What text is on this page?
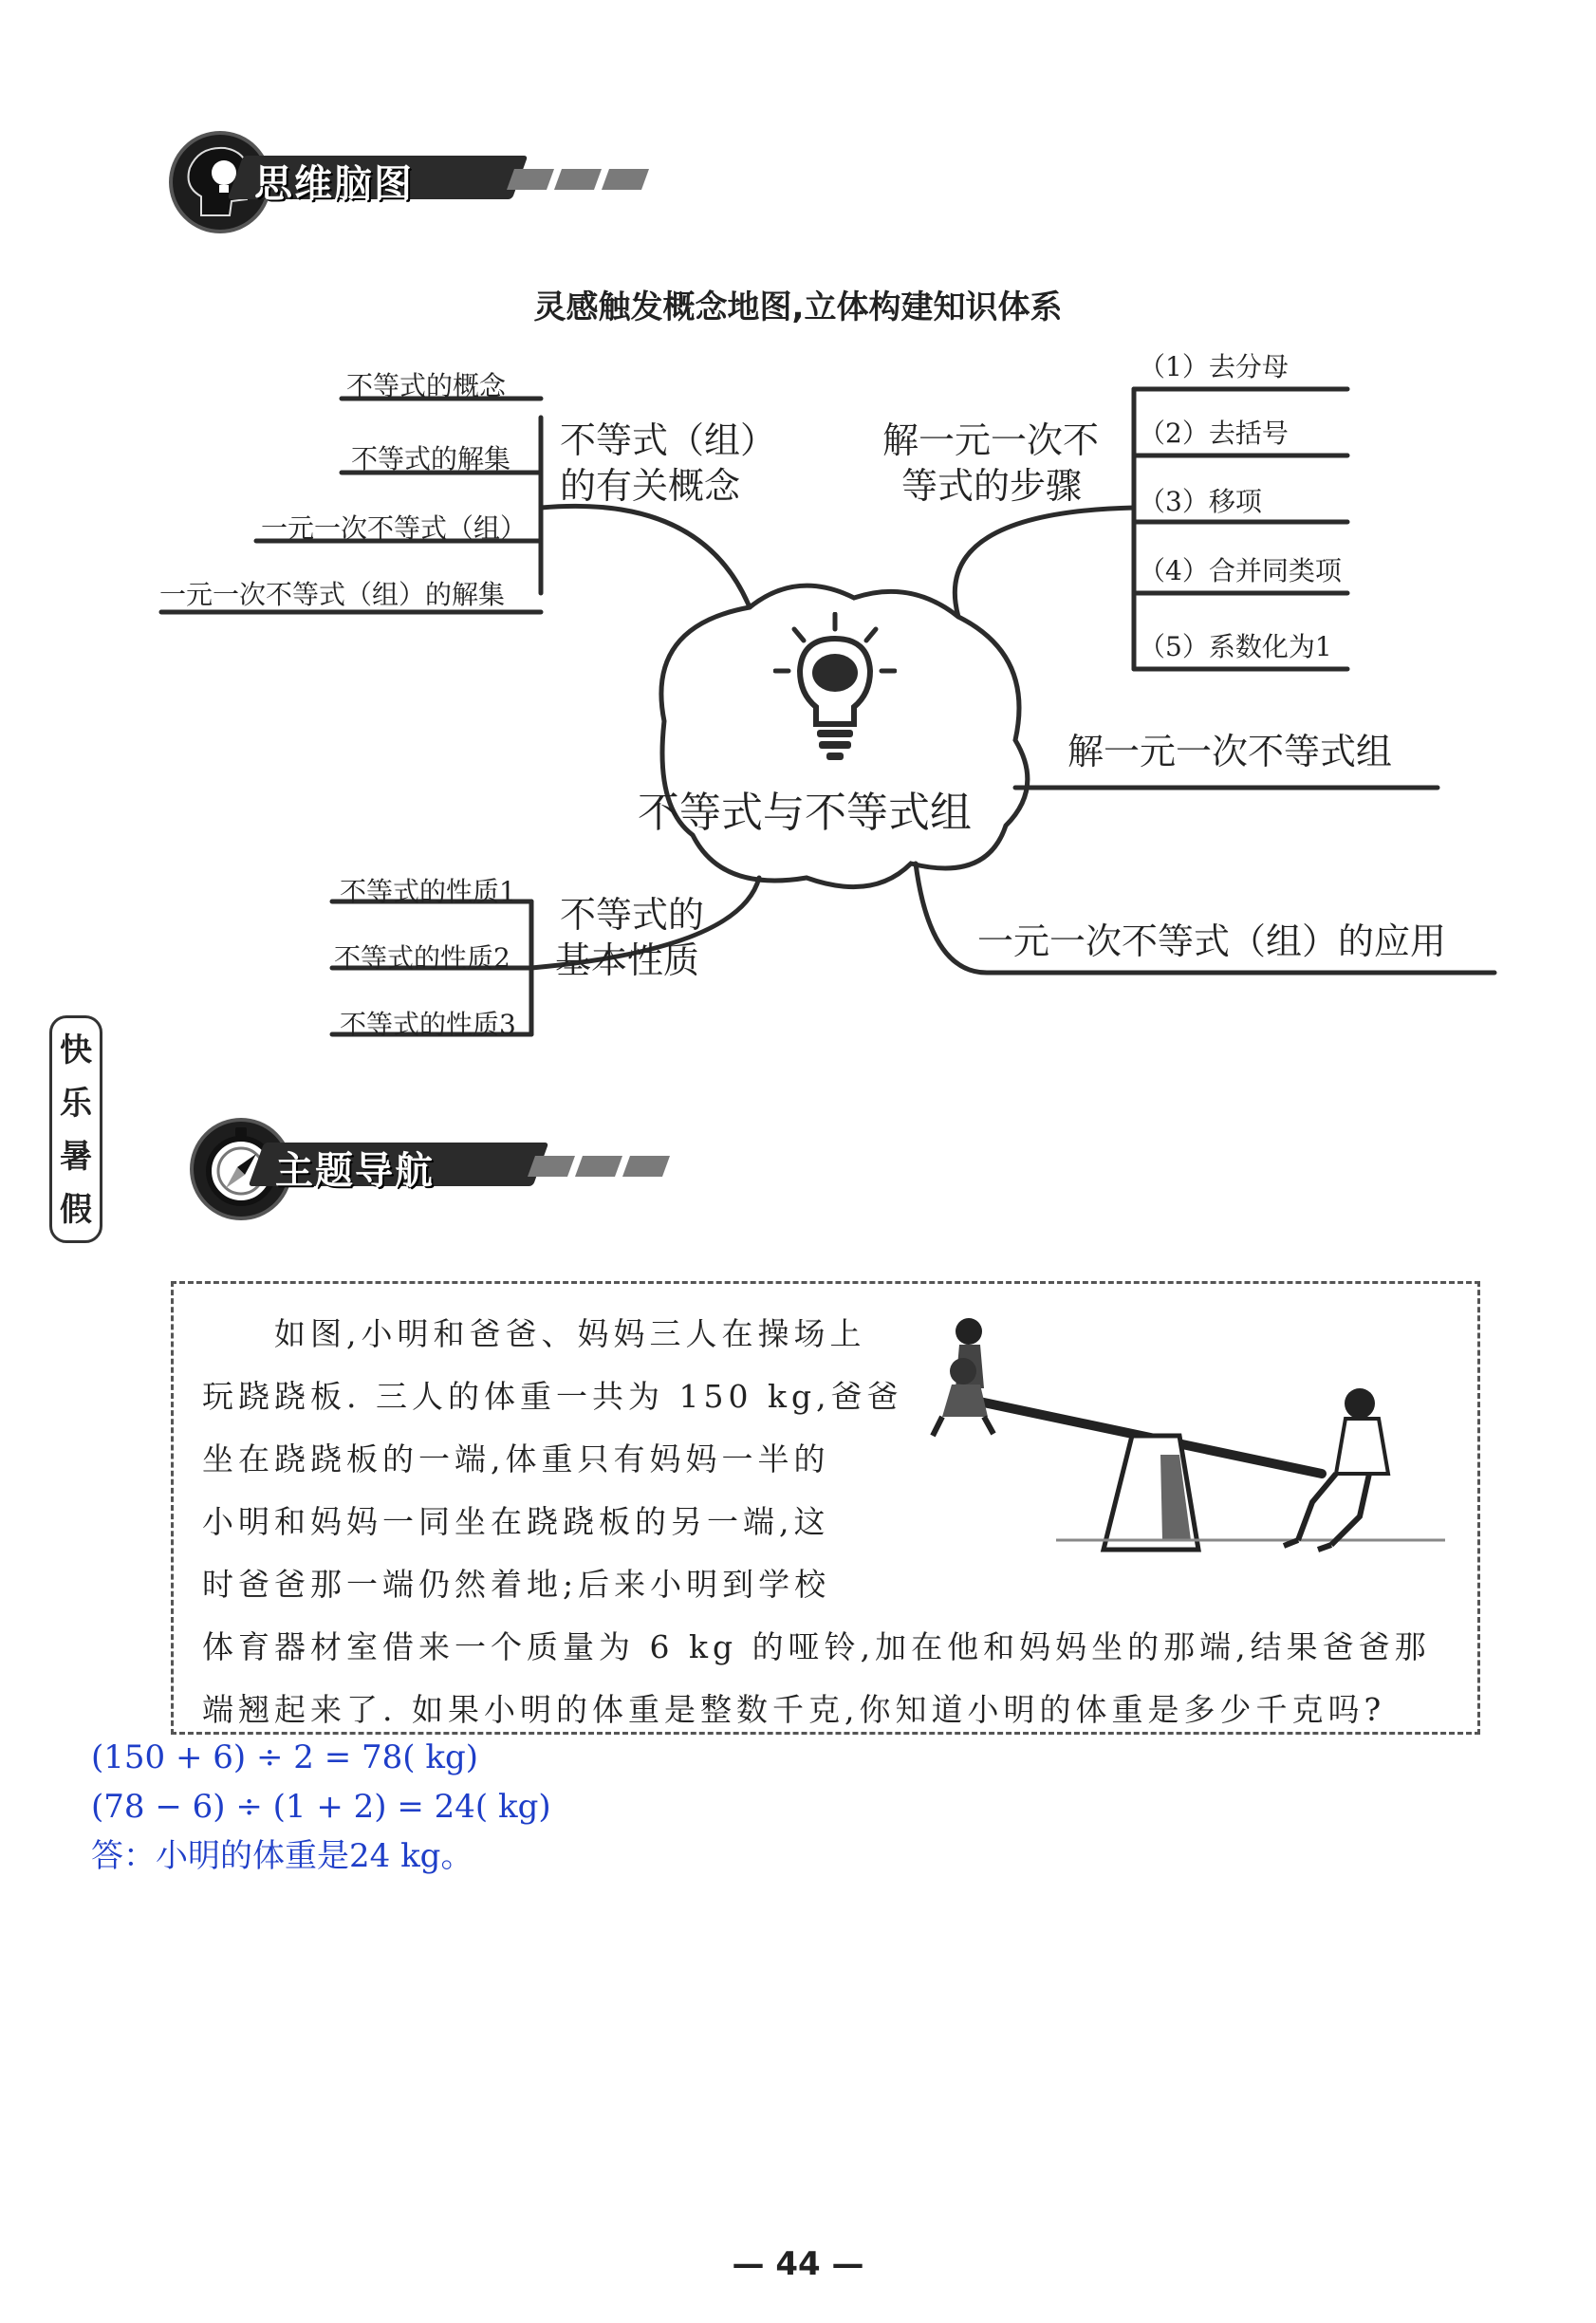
思维脑图
灵感触发概念地图,立体构建知识体系
不等式与不等式组
不等式（组）
的有关概念
不等式的概念
不等式的解集
一元一次不等式（组）
一元一次不等式（组）的解集
解一元一次不
等式的步骤
（1）去分母
（2）去括号
（3）移项
（4）合并同类项
（5）系数化为1
解一元一次不等式组
一元一次不等式（组）的应用
不等式的
基本性质
不等式的性质1
不等式的性质2
不等式的性质3
快
乐
暑
假
主题导航

　　如图,小明和爸爸、妈妈三人在操场上

玩跷跷板. 三人的体重一共为 150 kg,爸爸

坐在跷跷板的一端,体重只有妈妈一半的

小明和妈妈一同坐在跷跷板的另一端,这

时爸爸那一端仍然着地;后来小明到学校

体育器材室借来一个质量为 6 kg 的哑铃,加在他和妈妈坐的那端,结果爸爸那

端翘起来了. 如果小明的体重是整数千克,你知道小明的体重是多少千克吗?

(150 + 6) ÷ 2 = 78( kg)
(78 − 6) ÷ (1 + 2) = 24( kg)
答：小明的体重是24 kg。
— 44 —
